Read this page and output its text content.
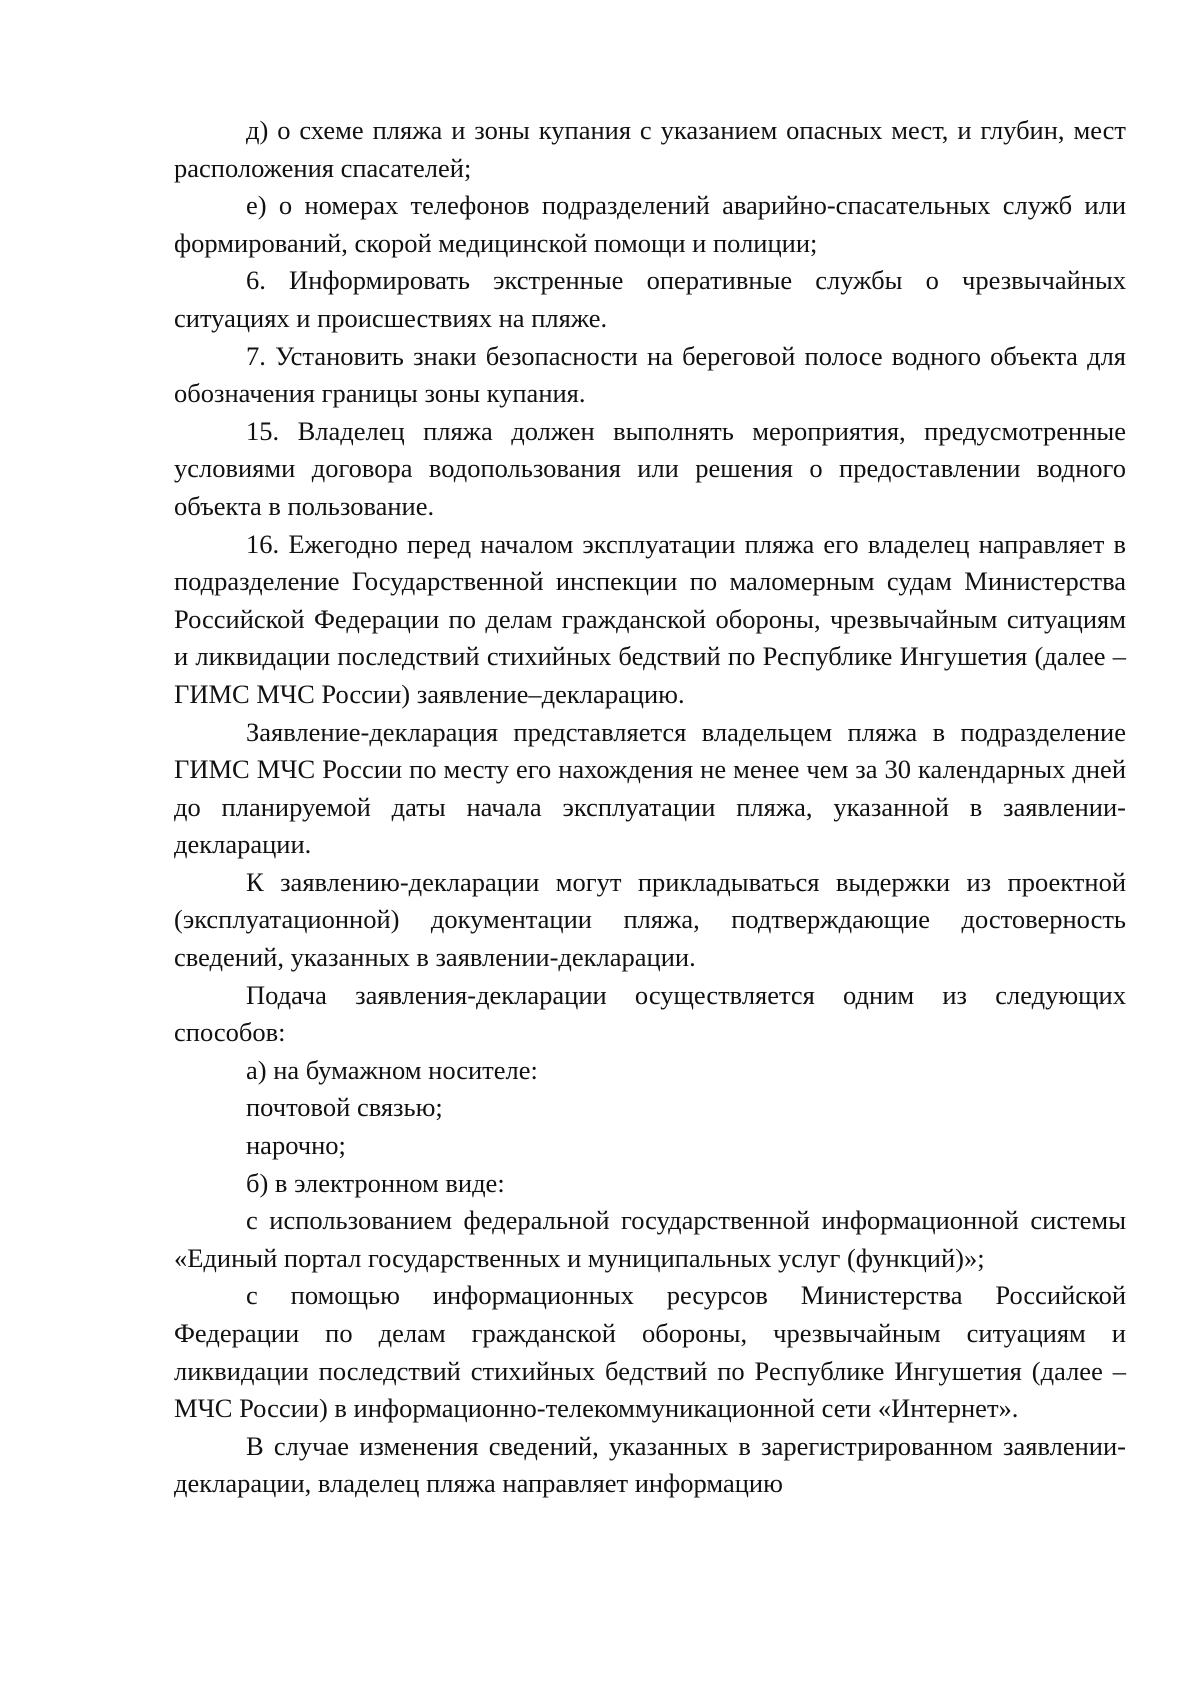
д) о схеме пляжа и зоны купания с указанием опасных мест, и глубин, мест расположения спасателей;

е) о номерах телефонов подразделений аварийно-спасательных служб или формирований, скорой медицинской помощи и полиции;

6. Информировать экстренные оперативные службы о чрезвычайных ситуациях и происшествиях на пляже.

7. Установить знаки безопасности на береговой полосе водного объекта для обозначения границы зоны купания.

15. Владелец пляжа должен выполнять мероприятия, предусмотренные условиями договора водопользования или решения о предоставлении водного объекта в пользование.

16. Ежегодно перед началом эксплуатации пляжа его владелец направляет в подразделение Государственной инспекции по маломерным судам Министерства Российской Федерации по делам гражданской обороны, чрезвычайным ситуациям и ликвидации последствий стихийных бедствий по Республике Ингушетия (далее – ГИМС МЧС России) заявление–декларацию.

Заявление-декларация представляется владельцем пляжа в подразделение ГИМС МЧС России по месту его нахождения не менее чем за 30 календарных дней до планируемой даты начала эксплуатации пляжа, указанной в заявлении-декларации.

К заявлению-декларации могут прикладываться выдержки из проектной (эксплуатационной) документации пляжа, подтверждающие достоверность сведений, указанных в заявлении-декларации.

Подача заявления-декларации осуществляется одним из следующих способов:

а) на бумажном носителе:

почтовой связью;

нарочно;

б) в электронном виде:

с использованием федеральной государственной информационной системы «Единый портал государственных и муниципальных услуг (функций)»;

с помощью информационных ресурсов Министерства Российской Федерации по делам гражданской обороны, чрезвычайным ситуациям и ликвидации последствий стихийных бедствий по Республике Ингушетия (далее – МЧС России) в информационно-телекоммуникационной сети «Интернет».

В случае изменения сведений, указанных в зарегистрированном заявлении-декларации, владелец пляжа направляет информацию
